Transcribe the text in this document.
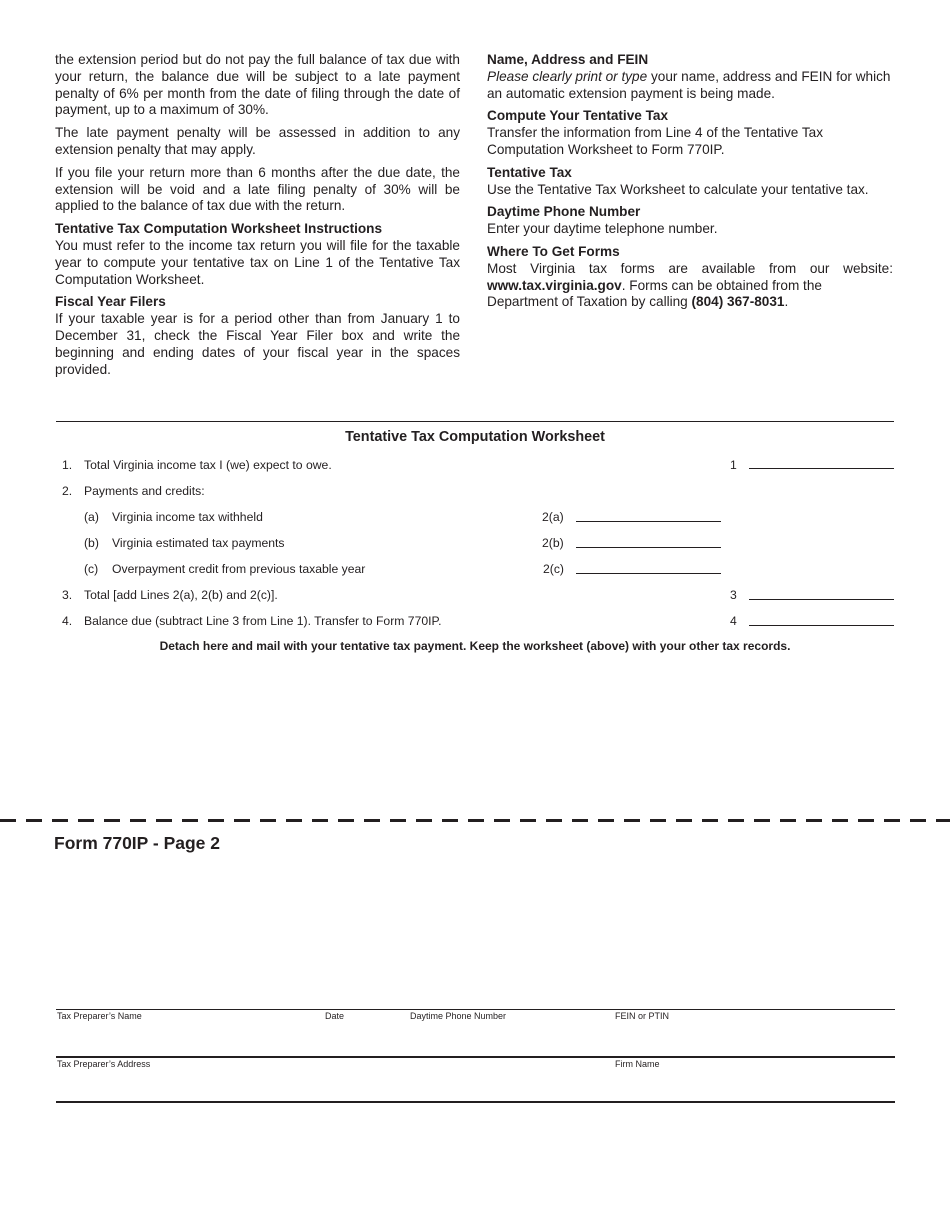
the extension period but do not pay the full balance of tax due with your return, the balance due will be subject to a late payment penalty of 6% per month from the date of filing through the date of payment, up to a maximum of 30%.

The late payment penalty will be assessed in addition to any extension penalty that may apply.

If you file your return more than 6 months after the due date, the extension will be void and a late filing penalty of 30% will be applied to the balance of tax due with the return.

Tentative Tax Computation Worksheet Instructions
You must refer to the income tax return you will file for the taxable year to compute your tentative tax on Line 1 of the Tentative Tax Computation Worksheet.
Fiscal Year Filers
If your taxable year is for a period other than from January 1 to December 31, check the Fiscal Year Filer box and write the beginning and ending dates of your fiscal year in the spaces provided.
Name, Address and FEIN
Please clearly print or type your name, address and FEIN for which an automatic extension payment is being made.
Compute Your Tentative Tax
Transfer the information from Line 4 of the Tentative Tax Computation Worksheet to Form 770IP.
Tentative Tax
Use the Tentative Tax Worksheet to calculate your tentative tax.
Daytime Phone Number
Enter your daytime telephone number.
Where To Get Forms
Most Virginia tax forms are available from our website:
www.tax.virginia.gov. Forms can be obtained from the Department of Taxation by calling (804) 367-8031.
Tentative Tax Computation Worksheet
1. Total Virginia income tax I (we) expect to owe.	1
2. Payments and credits:
(a) Virginia income tax withheld	2(a)
(b) Virginia estimated tax payments	2(b)
(c) Overpayment credit from previous taxable year	2(c)
3. Total [add Lines 2(a), 2(b) and 2(c)].	3
4. Balance due (subtract Line 3 from Line 1). Transfer to Form 770IP.	4
Detach here and mail with your tentative tax payment. Keep the worksheet (above) with your other tax records.
Form 770IP - Page 2
Tax Preparer’s Name	Date	Daytime Phone Number	FEIN or PTIN
Tax Preparer’s Address	Firm Name
